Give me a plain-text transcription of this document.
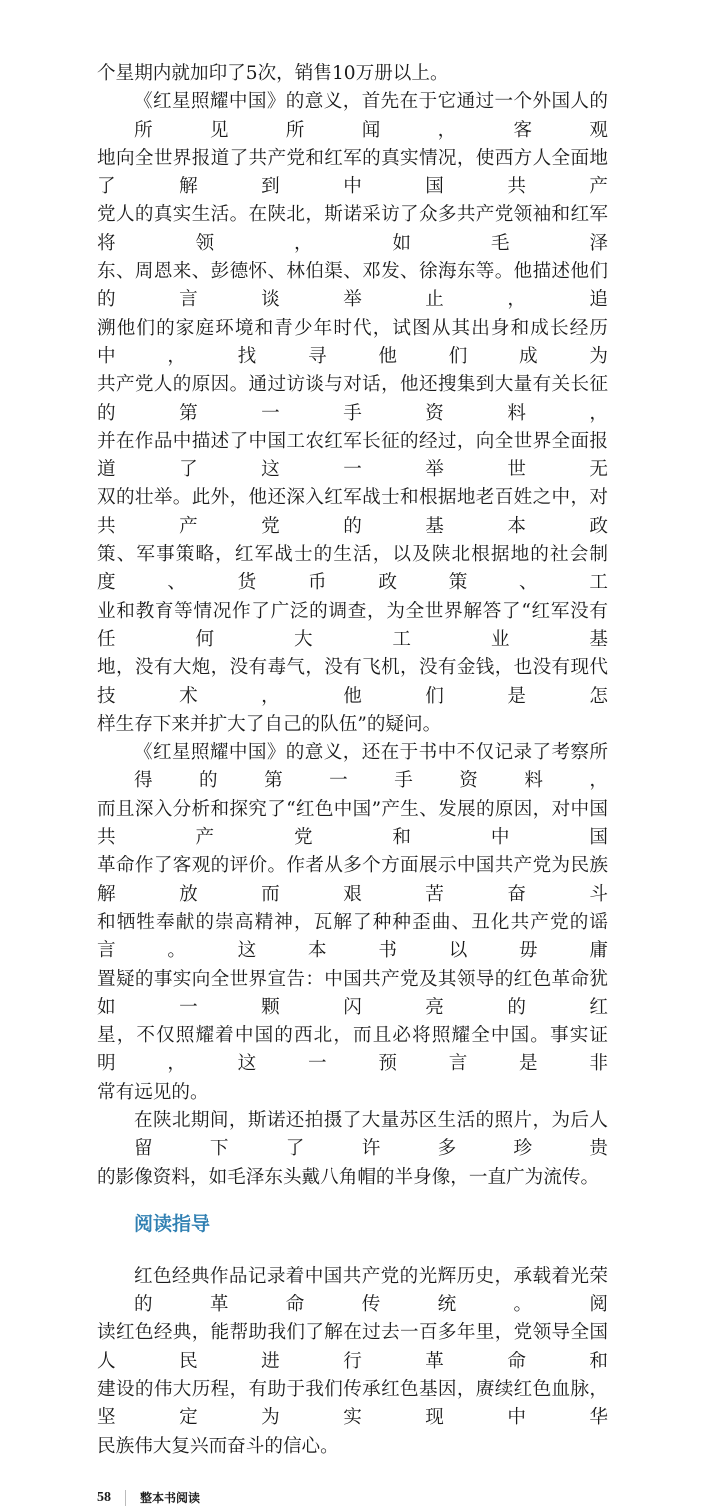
个星期内就加印了5次，销售10万册以上。
《红星照耀中国》的意义，首先在于它通过一个外国人的所见所闻，客观
地向全世界报道了共产党和红军的真实情况，使西方人全面地了解到中国共产
党人的真实生活。在陕北，斯诺采访了众多共产党领袖和红军将领，如毛泽
东、周恩来、彭德怀、林伯渠、邓发、徐海东等。他描述他们的言谈举止，追
溯他们的家庭环境和青少年时代，试图从其出身和成长经历中，找寻他们成为
共产党人的原因。通过访谈与对话，他还搜集到大量有关长征的第一手资料，
并在作品中描述了中国工农红军长征的经过，向全世界全面报道了这一举世无
双的壮举。此外，他还深入红军战士和根据地老百姓之中，对共产党的基本政
策、军事策略，红军战士的生活，以及陕北根据地的社会制度、货币政策、工
业和教育等情况作了广泛的调查，为全世界解答了“红军没有任何大工业基
地，没有大炮，没有毒气，没有飞机，没有金钱，也没有现代技术，他们是怎
样生存下来并扩大了自己的队伍”的疑问。
《红星照耀中国》的意义，还在于书中不仅记录了考察所得的第一手资料，
而且深入分析和探究了“红色中国”产生、发展的原因，对中国共产党和中国
革命作了客观的评价。作者从多个方面展示中国共产党为民族解放而艰苦奋斗
和牺牲奉献的崇高精神，瓦解了种种歪曲、丑化共产党的谣言。这本书以毋庸
置疑的事实向全世界宣告：中国共产党及其领导的红色革命犹如一颗闪亮的红
星，不仅照耀着中国的西北，而且必将照耀全中国。事实证明，这一预言是非
常有远见的。
在陕北期间，斯诺还拍摄了大量苏区生活的照片，为后人留下了许多珍贵
的影像资料，如毛泽东头戴八角帽的半身像，一直广为流传。
阅读指导
红色经典作品记录着中国共产党的光辉历史，承载着光荣的革命传统。阅
读红色经典，能帮助我们了解在过去一百多年里，党领导全国人民进行革命和
建设的伟大历程，有助于我们传承红色基因，赓续红色血脉，坚定为实现中华
民族伟大复兴而奋斗的信心。
58	整本书阅读
